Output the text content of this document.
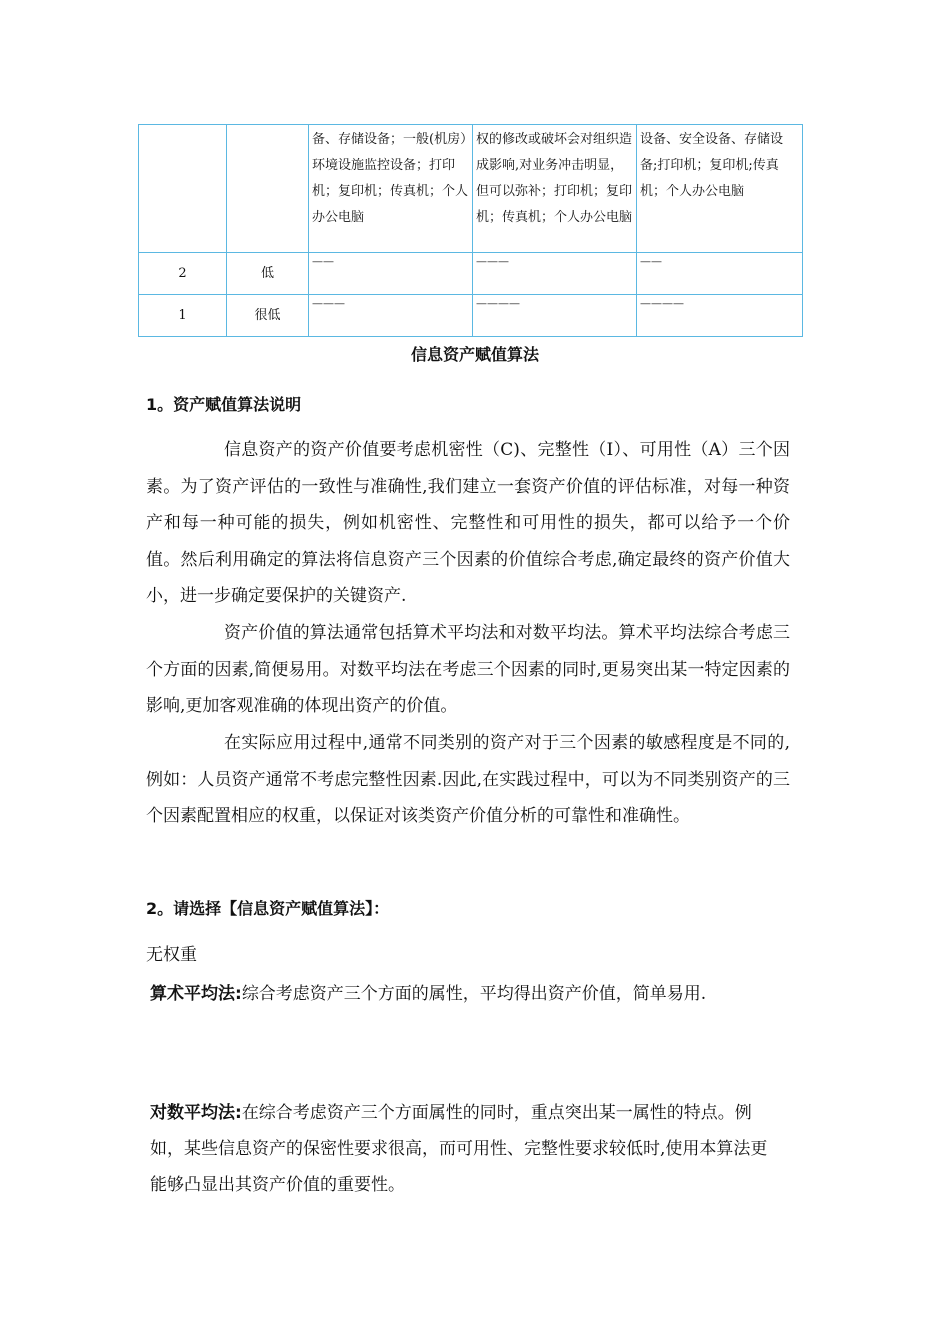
		备、存储设备；一般(机房）环境设施监控设备；打印机；复印机；传真机；个人办公电脑	权的修改或破坏会对组织造成影响,对业务冲击明显，但可以弥补；打印机；复印机；传真机；个人办公电脑	设备、安全设备、存储设备;打印机；复印机;传真机；个人办公电脑
2	低	——	———	——
1	很低	———	————	————
信息资产赋值算法
1。资产赋值算法说明

信息资产的资产价值要考虑机密性（C)、完整性（I）、可用性（A）三个因素。为了资产评估的一致性与准确性,我们建立一套资产价值的评估标准，对每一种资产和每一种可能的损失，例如机密性、完整性和可用性的损失，都可以给予一个价值。然后利用确定的算法将信息资产三个因素的价值综合考虑,确定最终的资产价值大小，进一步确定要保护的关键资产.

资产价值的算法通常包括算术平均法和对数平均法。算术平均法综合考虑三个方面的因素,简便易用。对数平均法在考虑三个因素的同时,更易突出某一特定因素的影响,更加客观准确的体现出资产的价值。

在实际应用过程中,通常不同类别的资产对于三个因素的敏感程度是不同的,例如：人员资产通常不考虑完整性因素.因此,在实践过程中，可以为不同类别资产的三个因素配置相应的权重，以保证对该类资产价值分析的可靠性和准确性。

2。请选择【信息资产赋值算法】：

无权重

算术平均法:综合考虑资产三个方面的属性，平均得出资产价值，简单易用.

对数平均法:在综合考虑资产三个方面属性的同时，重点突出某一属性的特点。例如，某些信息资产的保密性要求很高，而可用性、完整性要求较低时,使用本算法更能够凸显出其资产价值的重要性。
